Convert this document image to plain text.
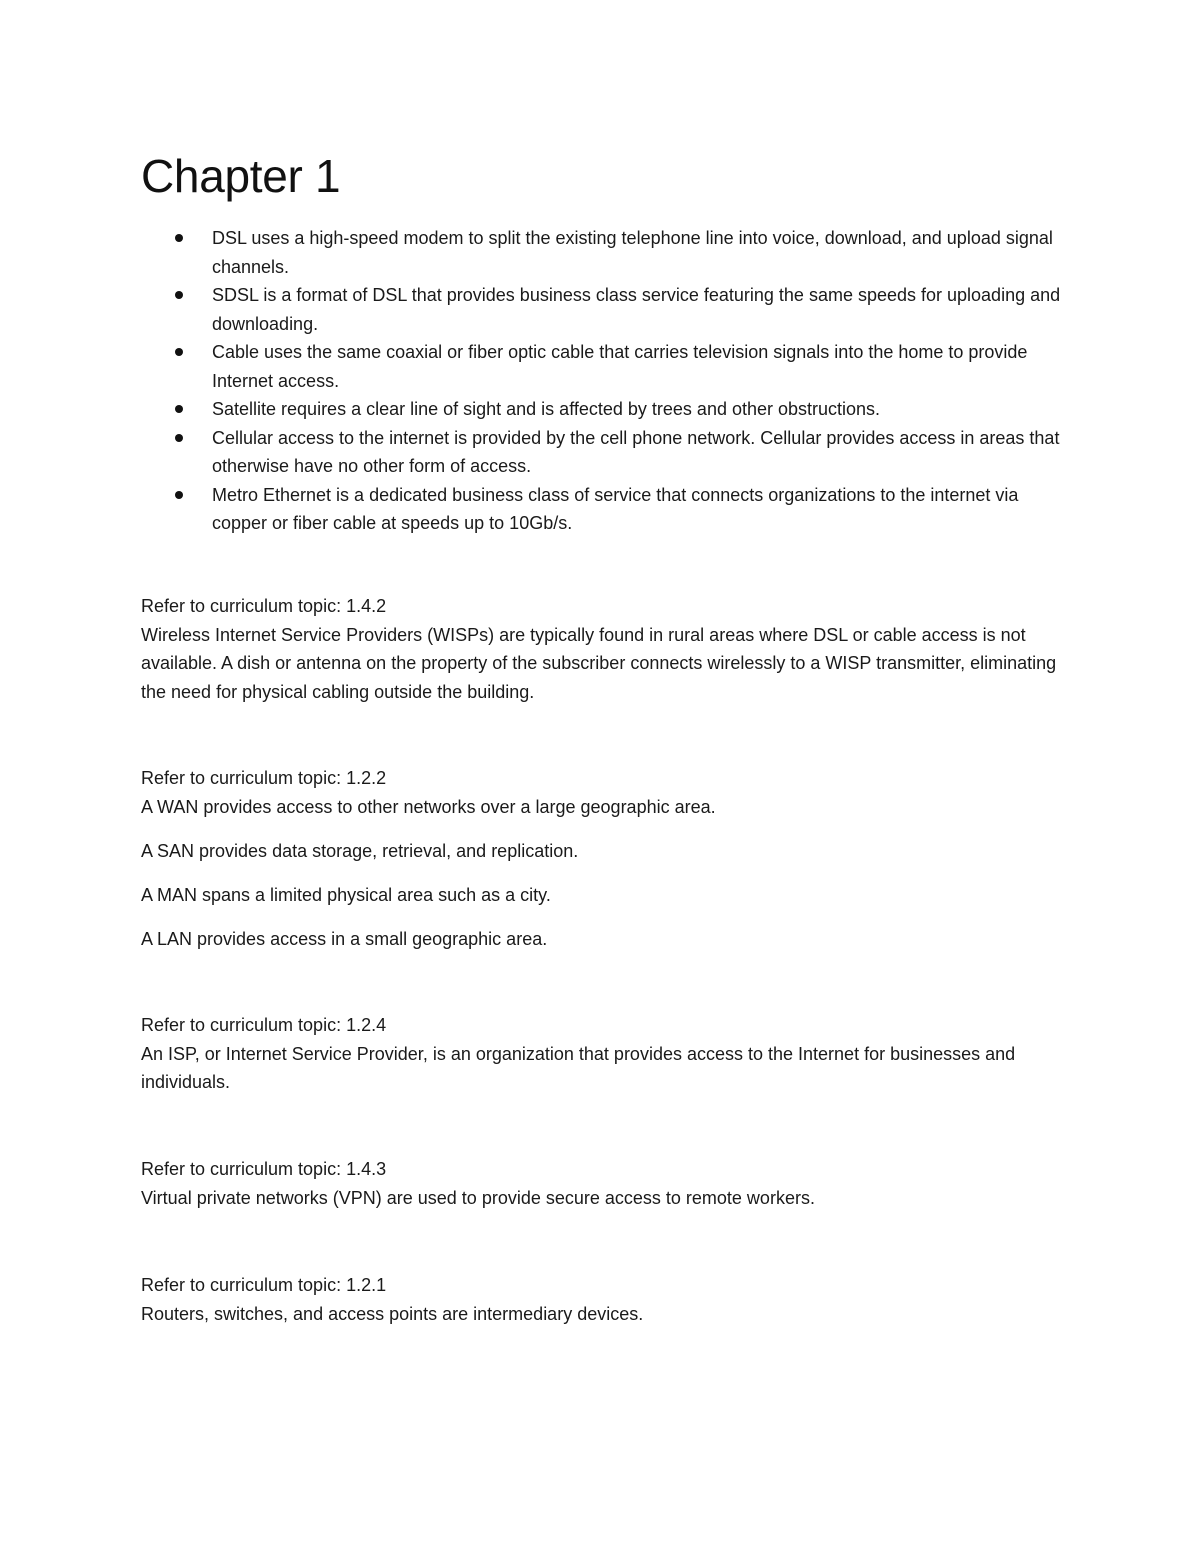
Chapter 1
DSL uses a high-speed modem to split the existing telephone line into voice, download, and upload signal channels.
SDSL is a format of DSL that provides business class service featuring the same speeds for uploading and downloading.
Cable uses the same coaxial or fiber optic cable that carries television signals into the home to provide Internet access.
Satellite requires a clear line of sight and is affected by trees and other obstructions.
Cellular access to the internet is provided by the cell phone network. Cellular provides access in areas that otherwise have no other form of access.
Metro Ethernet is a dedicated business class of service that connects organizations to the internet via copper or fiber cable at speeds up to 10Gb/s.

Refer to curriculum topic: 1.4.2

Wireless Internet Service Providers (WISPs) are typically found in rural areas where DSL or cable access is not available. A dish or antenna on the property of the subscriber connects wirelessly to a WISP transmitter, eliminating the need for physical cabling outside the building.

Refer to curriculum topic: 1.2.2

A WAN provides access to other networks over a large geographic area.

A SAN provides data storage, retrieval, and replication.

A MAN spans a limited physical area such as a city.

A LAN provides access in a small geographic area.

Refer to curriculum topic: 1.2.4

An ISP, or Internet Service Provider, is an organization that provides access to the Internet for businesses and individuals.

Refer to curriculum topic: 1.4.3

Virtual private networks (VPN) are used to provide secure access to remote workers.

Refer to curriculum topic: 1.2.1

Routers, switches, and access points are intermediary devices.
